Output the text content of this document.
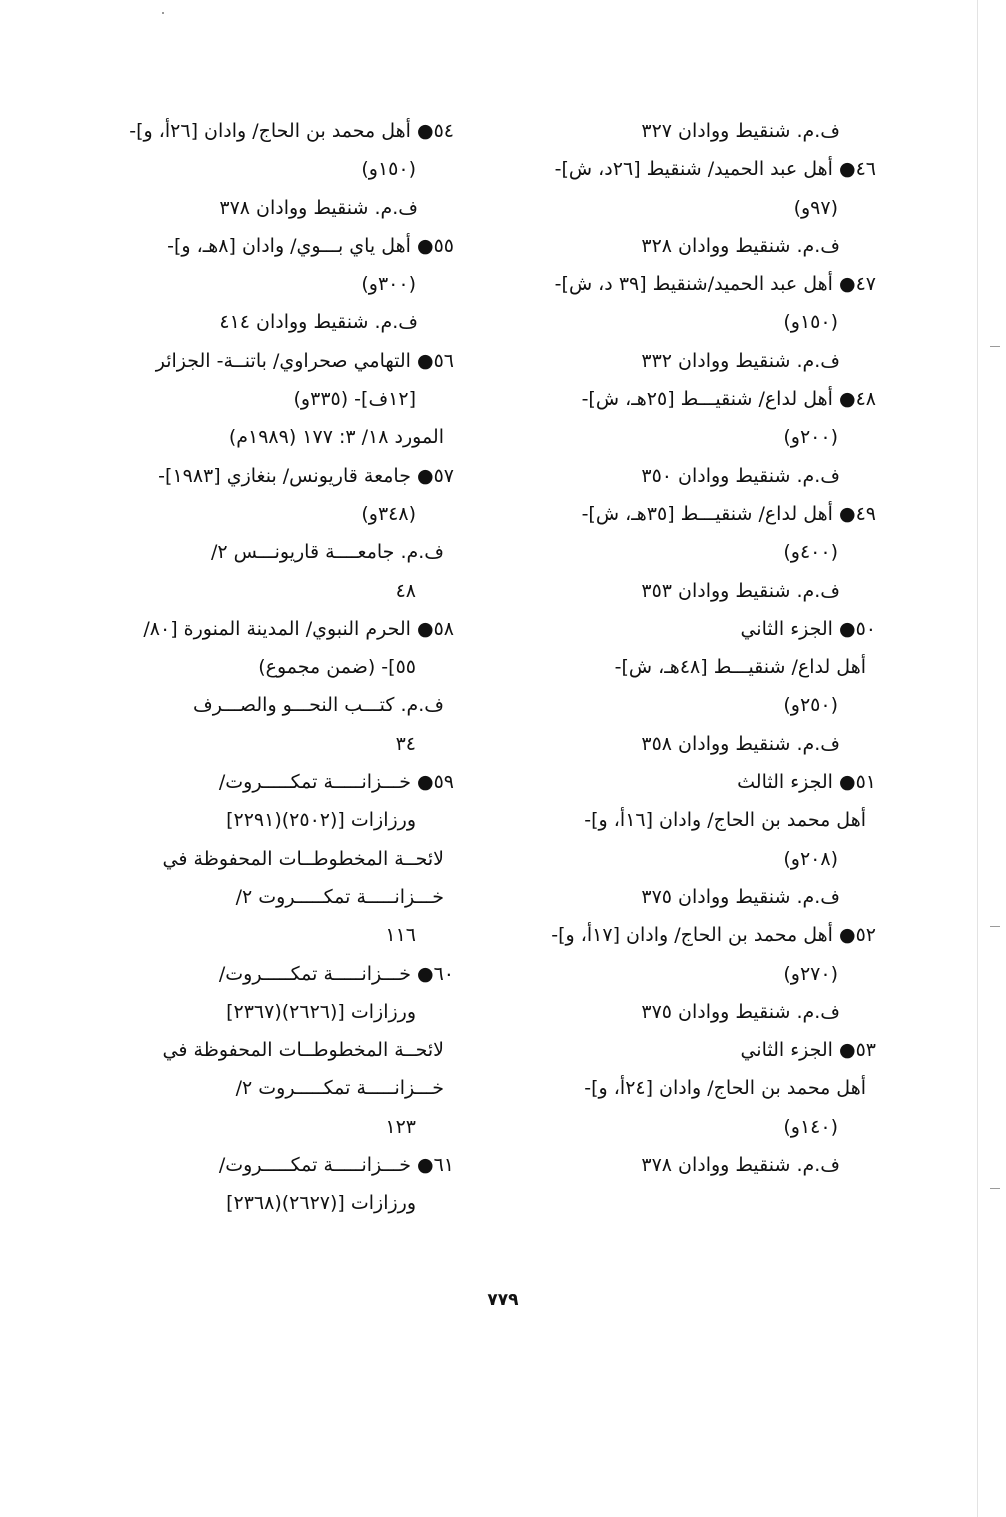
ف.م. شنقيط ووادان ٣٢٧
٤٦● أهل عبد الحميد/ شنقيط [٢٦د، ش]-
(٩٧و)
ف.م. شنقيط ووادان ٣٢٨
٤٧● أهل عبد الحميد/شنقيط [٣٩ د، ش]-
(١٥٠و)
ف.م. شنقيط ووادان ٣٣٢
٤٨● أهل لداع/ شنقيـــط [٢٥هـ، ش]-
(٢٠٠و)
ف.م. شنقيط ووادان ٣٥٠
٤٩● أهل لداع/ شنقيـــط [٣٥هـ، ش]-
(٤٠٠و)
ف.م. شنقيط ووادان ٣٥٣
٥٠● الجزء الثاني
أهل لداع/ شنقيـــط [٤٨هـ، ش]-
(٢٥٠و)
ف.م. شنقيط ووادان ٣٥٨
٥١● الجزء الثالث
أهل محمد بن الحاج/ وادان [١٦أ، و]-
(٢٠٨و)
ف.م. شنقيط ووادان ٣٧٥
٥٢● أهل محمد بن الحاج/ وادان [١٧أ، و]-
(٢٧٠و)
ف.م. شنقيط ووادان ٣٧٥
٥٣● الجزء الثاني
أهل محمد بن الحاج/ وادان [٢٤أ، و]-
(١٤٠و)
ف.م. شنقيط ووادان ٣٧٨
٥٤● أهل محمد بن الحاج/ وادان [٢٦أ، و]-
(١٥٠و)
ف.م. شنقيط ووادان ٣٧٨
٥٥● أهل ياي بـــوي/ وادان [٨هـ، و]-
(٣٠٠و)
ف.م. شنقيط ووادان ٤١٤
٥٦● التهامي صحراوي/ باتنــة- الجزائر
[١٢ف]- (٣٣٥و)
المورد ١٨/ ٣: ١٧٧ (١٩٨٩م)
٥٧● جامعة قاريونس/ بنغازي [١٩٨٣]-
(٣٤٨و)
ف.م. جامعــــة قاريونـــس ٢/
٤٨
٥٨● الحرم النبوي/ المدينة المنورة [٨٠/
٥٥]- (ضمن مجموع)
ف.م. كتـــب النحـــو والصـــرف
٣٤
٥٩● خـــزانـــــة تمكـــــروت/
ورزازات [(٢٥٠٢)(٢٢٩١]
لائحــة المخطوطــات المحفوظة في
خـــزانـــــة تمكـــــروت ٢/
١١٦
٦٠● خـــزانـــــة تمكـــــروت/
ورزازات [(٢٦٢٦)(٢٣٦٧]
لائحــة المخطوطــات المحفوظة في
خـــزانـــــة تمكـــــروت ٢/
١٢٣
٦١● خـــزانـــــة تمكـــــروت/
ورزازات [(٢٦٢٧)(٢٣٦٨]
٧٧٩
